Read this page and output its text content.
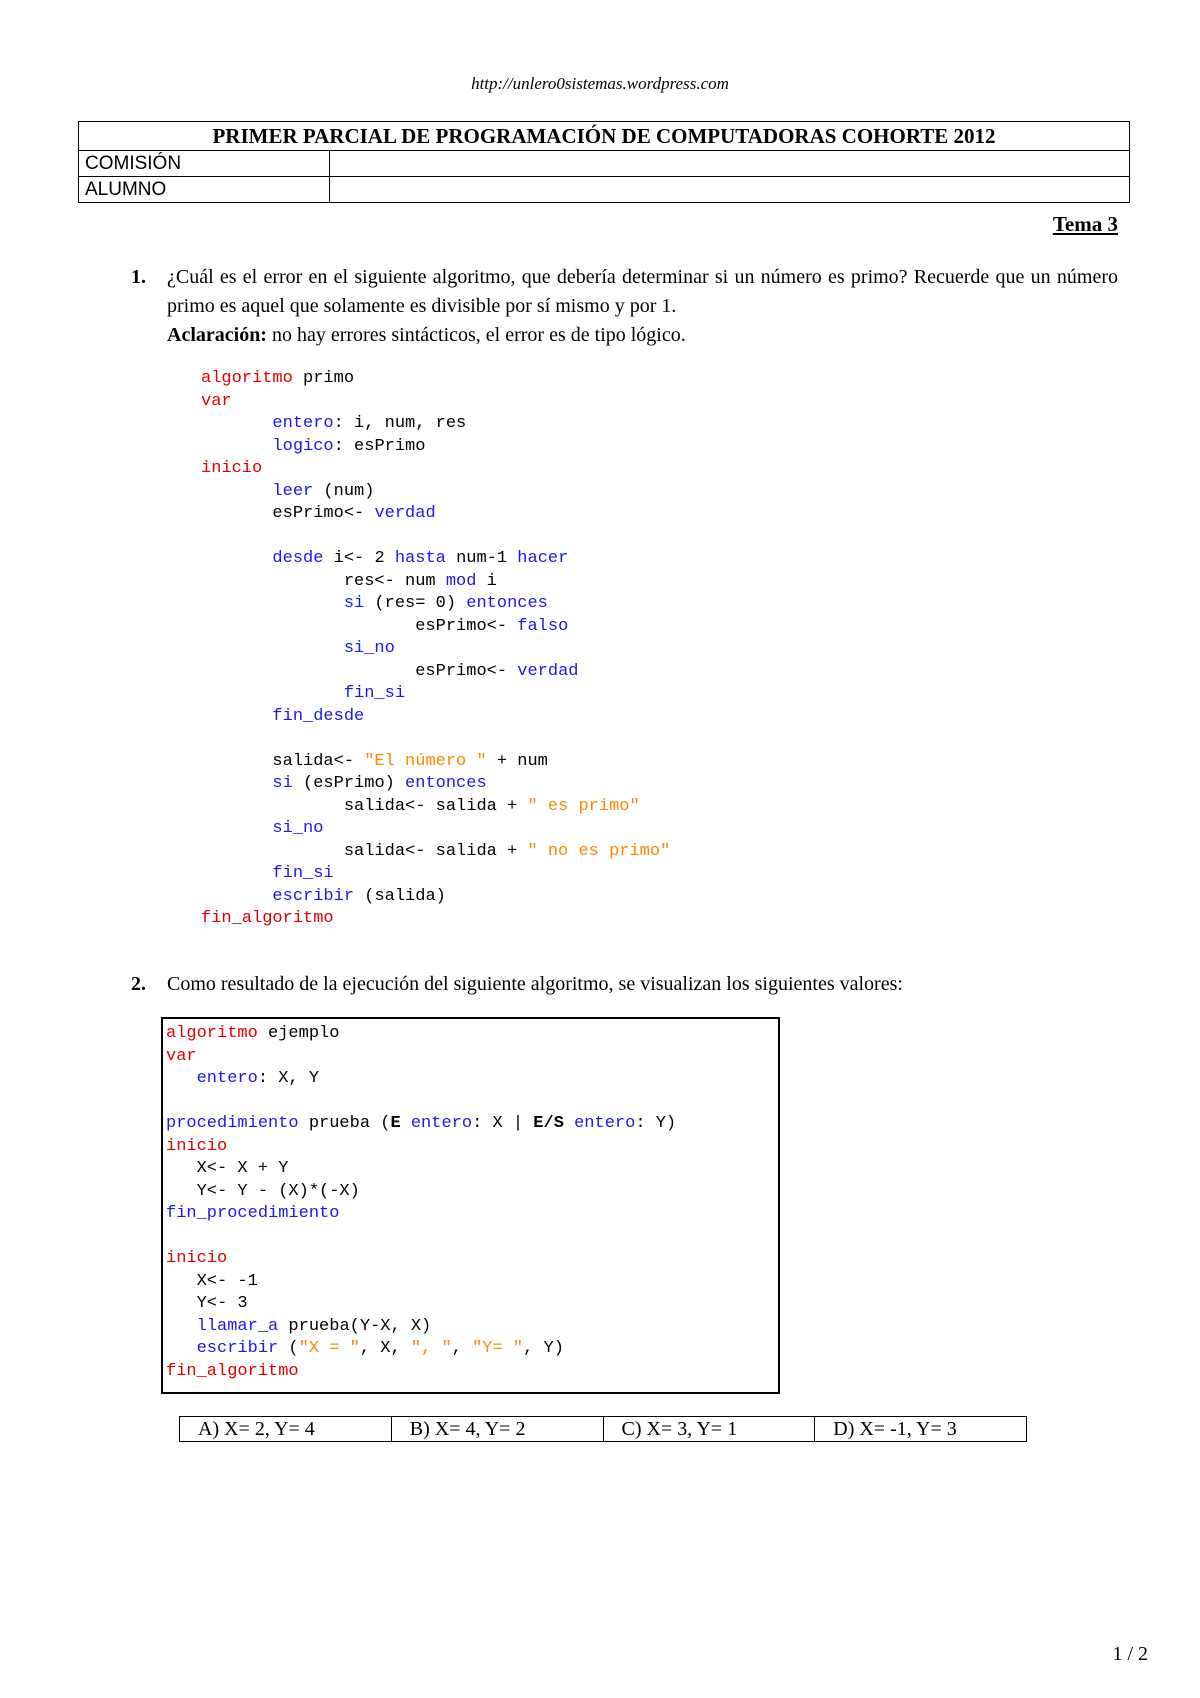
http://unlero0sistemas.wordpress.com
PRIMER PARCIAL DE PROGRAMACIÓN DE COMPUTADORAS COHORTE 2012	
COMISIÓN	
ALUMNO	
Tema 3
1. ¿Cuál es el error en el siguiente algoritmo, que debería determinar si un número es primo? Recuerde que un número primo es aquel que solamente es divisible por sí mismo y por 1.
Aclaración: no hay errores sintácticos, el error es de tipo lógico.
algoritmo primo
var
entero: i, num, res
logico: esPrimo
inicio
leer (num)
esPrimo<- verdad

desde i<- 2 hasta num-1 hacer
res<- num mod i
si (res= 0) entonces
esPrimo<- falso
si_no
esPrimo<- verdad
fin_si
fin_desde

salida<- "El número " + num
si (esPrimo) entonces
salida<- salida + " es primo"
si_no
salida<- salida + " no es primo"
fin_si
escribir (salida)
fin_algoritmo

2. Como resultado de la ejecución del siguiente algoritmo, se visualizan los siguientes valores:
algoritmo ejemplo
var
entero: X, Y

procedimiento prueba (E entero: X | E/S entero: Y)
inicio
X<- X + Y
Y<- Y - (X)*(-X)
fin_procedimiento

inicio
X<- -1
Y<- 3
llamar_a prueba(Y-X, X)
escribir ("X = ", X, ", ", "Y= ", Y)
fin_algoritmo

A) X= 2, Y= 4	B) X= 4, Y= 2	C) X= 3, Y= 1	D) X= -1, Y= 3
1 / 2
